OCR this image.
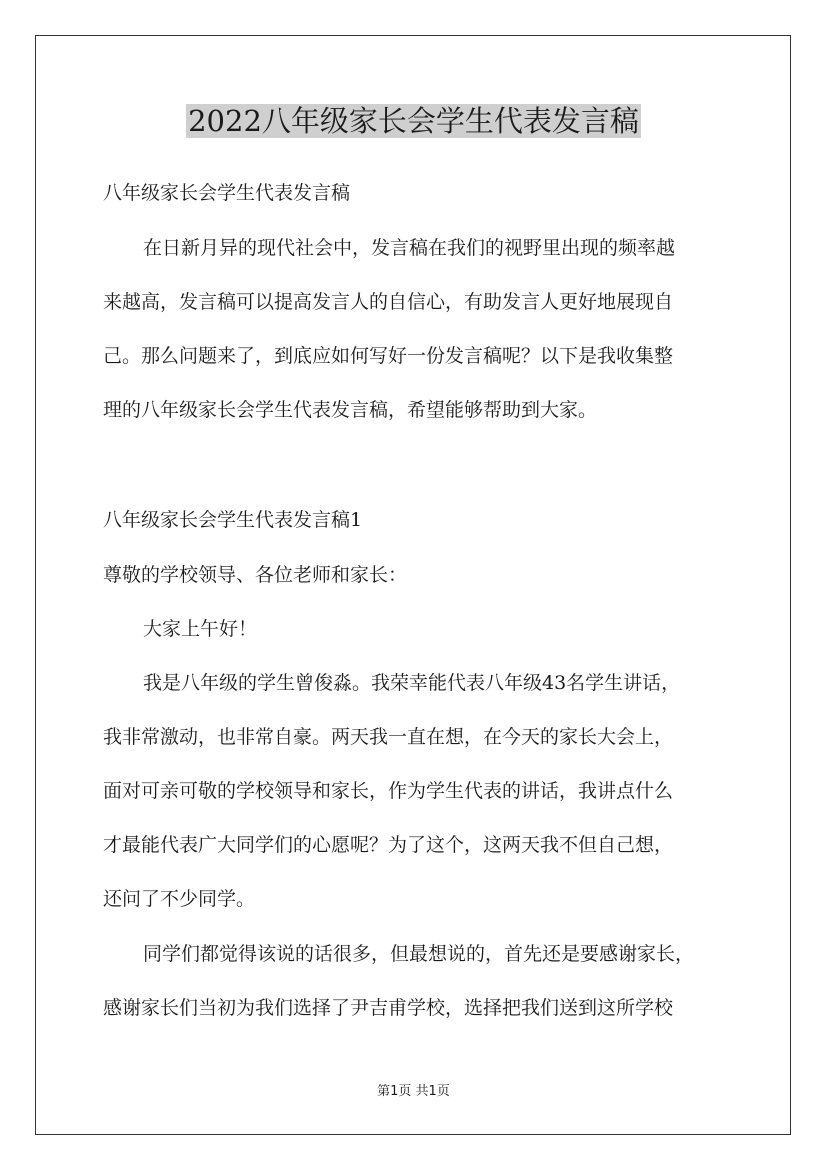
2022八年级家长会学生代表发言稿

八年级家长会学生代表发言稿

在日新月异的现代社会中，发言稿在我们的视野里出现的频率越

来越高，发言稿可以提高发言人的自信心，有助发言人更好地展现自

己。那么问题来了，到底应如何写好一份发言稿呢？以下是我收集整

理的八年级家长会学生代表发言稿，希望能够帮助到大家。

八年级家长会学生代表发言稿1

尊敬的学校领导、各位老师和家长：

大家上午好！

我是八年级的学生曾俊淼。我荣幸能代表八年级43名学生讲话，

我非常激动，也非常自豪。两天我一直在想，在今天的家长大会上，

面对可亲可敬的学校领导和家长，作为学生代表的讲话，我讲点什么

才最能代表广大同学们的心愿呢？为了这个，这两天我不但自己想，

还问了不少同学。

同学们都觉得该说的话很多，但最想说的，首先还是要感谢家长，

感谢家长们当初为我们选择了尹吉甫学校，选择把我们送到这所学校

第1页 共1页
